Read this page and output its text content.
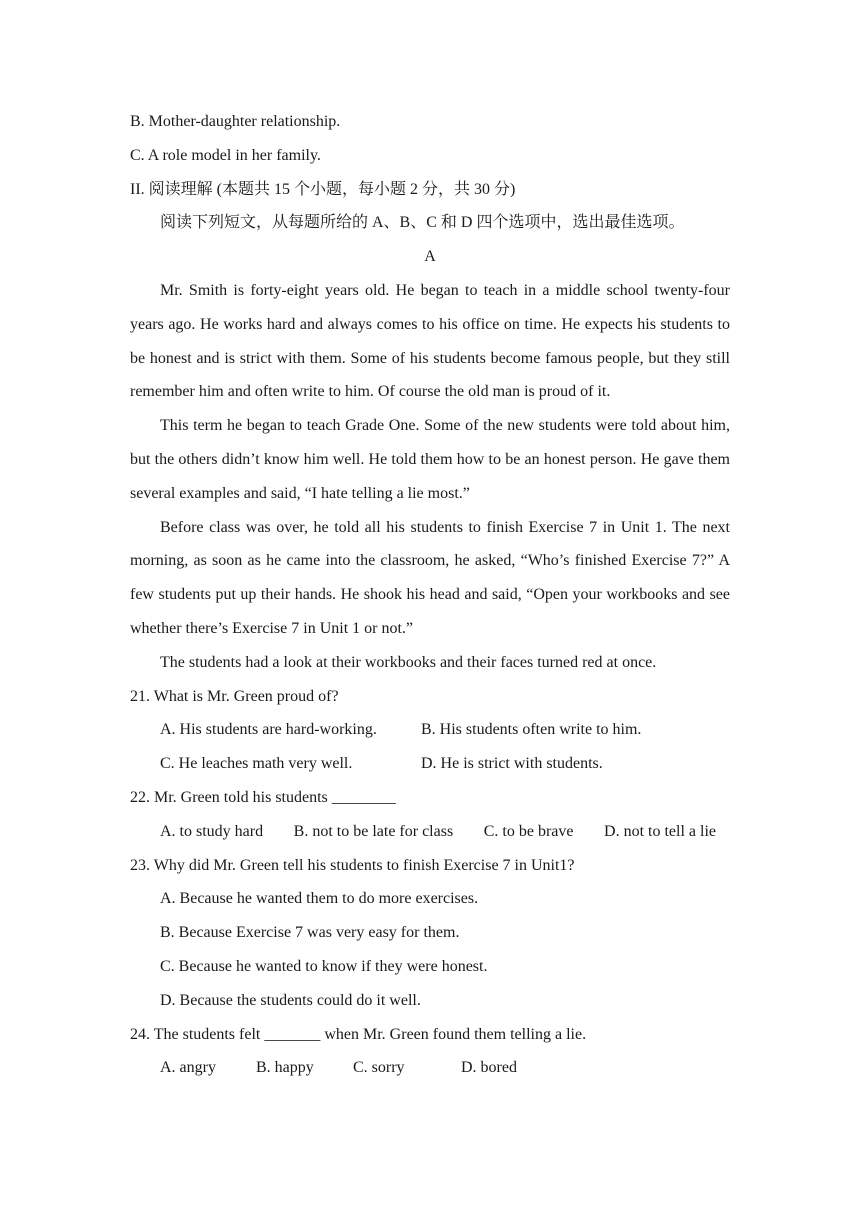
B. Mother-daughter relationship.
C. A role model in her family.
II. 阅读理解 (本题共 15 个小题，每小题 2 分，共 30 分)
阅读下列短文，从每题所给的 A、B、C 和 D 四个选项中，选出最佳选项。
A
Mr. Smith is forty-eight years old. He began to teach in a middle school twenty-four years ago. He works hard and always comes to his office on time. He expects his students to be honest and is strict with them. Some of his students become famous people, but they still remember him and often write to him. Of course the old man is proud of it.
This term he began to teach Grade One. Some of the new students were told about him, but the others didn’t know him well. He told them how to be an honest person. He gave them several examples and said, “I hate telling a lie most.”
Before class was over, he told all his students to finish Exercise 7 in Unit 1. The next morning, as soon as he came into the classroom, he asked, “Who’s finished Exercise 7?” A few students put up their hands. He shook his head and said, “Open your workbooks and see whether there’s Exercise 7 in Unit 1 or not.”
The students had a look at their workbooks and their faces turned red at once.
21. What is Mr. Green proud of?
A. His students are hard-working.	B. His students often write to him.
C. He leaches math very well.	D. He is strict with students.
22. Mr. Green told his students ________
A. to study hard B. not to be late for class C. to be brave D. not to tell a lie
23. Why did Mr. Green tell his students to finish Exercise 7 in Unit1?
A. Because he wanted them to do more exercises.
B. Because Exercise 7 was very easy for them.
C. Because he wanted to know if they were honest.
D. Because the students could do it well.
24. The students felt _______ when Mr. Green found them telling a lie.
A. angry	B. happy	C. sorry	D. bored
